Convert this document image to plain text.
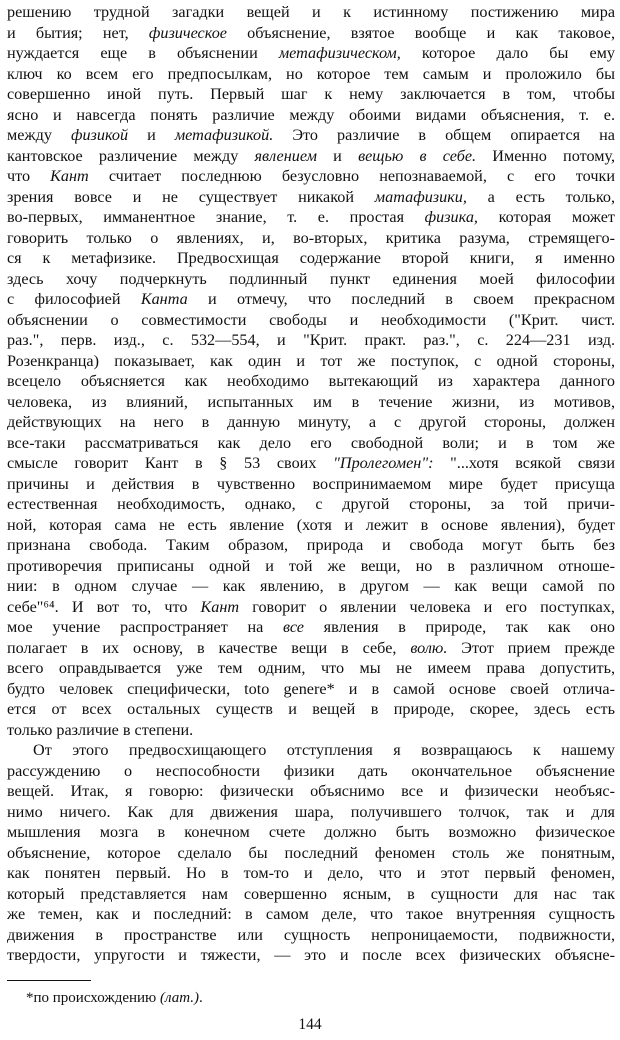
решению трудной загадки вещей и к истинному постижению мира
и бытия; нет, физическое объяснение, взятое вообще и как таковое,
нуждается еще в объяснении метафизическом, которое дало бы ему
ключ ко всем его предпосылкам, но которое тем самым и проложило бы
совершенно иной путь. Первый шаг к нему заключается в том, чтобы
ясно и навсегда понять различие между обоими видами объяснения, т. е.
между физикой и метафизикой. Это различие в общем опирается на
кантовское различение между явлением и вещью в себе. Именно потому,
что Кант считает последнюю безусловно непознаваемой, с его точки
зрения вовсе и не существует никакой матафизики, а есть только,
во-первых, имманентное знание, т. е. простая физика, которая может
говорить только о явлениях, и, во-вторых, критика разума, стремящего-
ся к метафизике. Предвосхищая содержание второй книги, я именно
здесь хочу подчеркнуть подлинный пункт единения моей философии
с философией Канта и отмечу, что последний в своем прекрасном
объяснении о совместимости свободы и необходимости ("Крит. чист.
раз.", перв. изд., с. 532—554, и "Крит. практ. раз.", с. 224—231 изд.
Розенкранца) показывает, как один и тот же поступок, с одной стороны,
всецело объясняется как необходимо вытекающий из характера данного
человека, из влияний, испытанных им в течение жизни, из мотивов,
действующих на него в данную минуту, а с другой стороны, должен
все-таки рассматриваться как дело его свободной воли; и в том же
смысле говорит Кант в § 53 своих "Пролегомен": "...хотя всякой связи
причины и действия в чувственно воспринимаемом мире будет присуща
естественная необходимость, однако, с другой стороны, за той причи-
ной, которая сама не есть явление (хотя и лежит в основе явления), будет
признана свобода. Таким образом, природа и свобода могут быть без
противоречия приписаны одной и той же вещи, но в различном отноше-
нии: в одном случае — как явлению, в другом — как вещи самой по
себе"⁶⁴. И вот то, что Кант говорит о явлении человека и его поступках,
мое учение распространяет на все явления в природе, так как оно
полагает в их основу, в качестве вещи в себе, волю. Этот прием прежде
всего оправдывается уже тем одним, что мы не имеем права допустить,
будто человек специфически, toto genere* и в самой основе своей отлича-
ется от всех остальных существ и вещей в природе, скорее, здесь есть
только различие в степени.
От этого предвосхищающего отступления я возвращаюсь к нашему
рассуждению о неспособности физики дать окончательное объяснение
вещей. Итак, я говорю: физически объяснимо все и физически необъяс-
нимо ничего. Как для движения шара, получившего толчок, так и для
мышления мозга в конечном счете должно быть возможно физическое
объяснение, которое сделало бы последний феномен столь же понятным,
как понятен первый. Но в том-то и дело, что и этот первый феномен,
который представляется нам совершенно ясным, в сущности для нас так
же темен, как и последний: в самом деле, что такое внутренняя сущность
движения в пространстве или сущность непроницаемости, подвижности,
твердости, упругости и тяжести, — это и после всех физических объясне-
*по происхождению (лат.).
144
